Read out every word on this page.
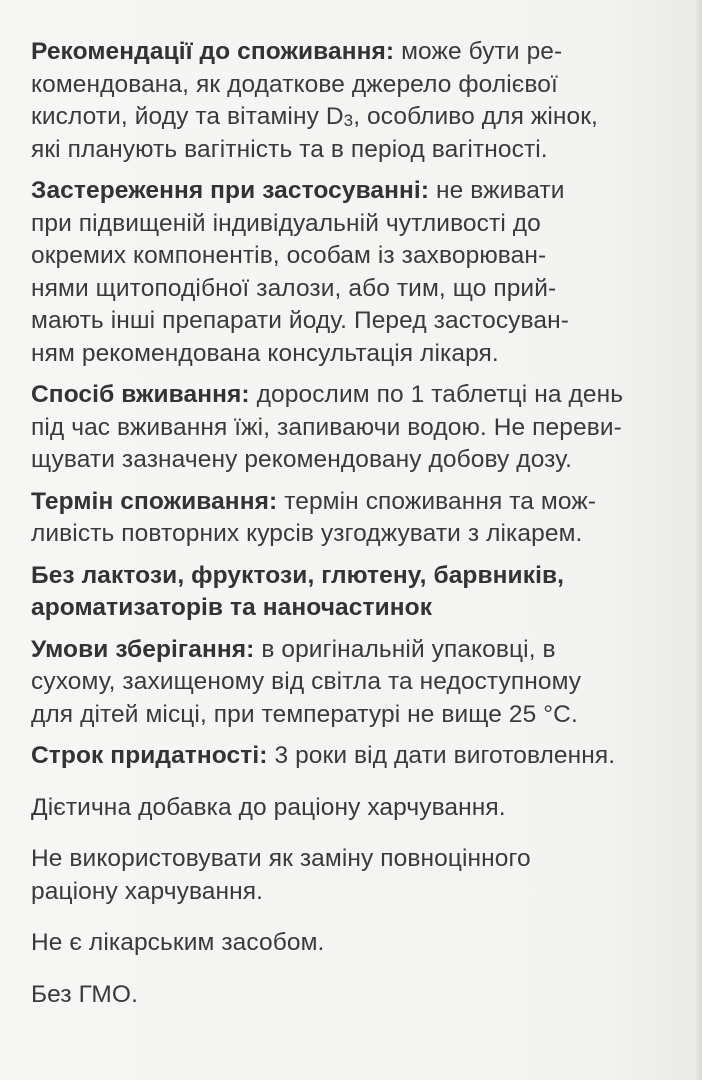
Рекомендації до споживання: може бути ре-
комендована, як додаткове джерело фолієвої
кислоти, йоду та вітаміну $D_3$, особливо для жінок,
які планують вагітність та в період вагітності.
Застереження при застосуванні: не вживати
при підвищеній індивідуальній чутливості до
окремих компонентів, особам із захворюван-
нями щитоподібної залози, або тим, що прий-
мають інші препарати йоду. Перед застосуван-
ням рекомендована консультація лікаря.
Спосіб вживання: дорослим по 1 таблетці на день
під час вживання їжі, запиваючи водою. Не переви-
щувати зазначену рекомендовану добову дозу.
Термін споживання: термін споживання та мож-
ливість повторних курсів узгоджувати з лікарем.
Без лактози, фруктози, глютену, барвників,
ароматизаторів та наночастинок
Умови зберігання: в оригінальній упаковці, в
сухому, захищеному від світла та недоступному
для дітей місці, при температурі не вище 25 °C.
Строк придатності: 3 роки від дати виготовлення.
Дієтична добавка до раціону харчування.
Не використовувати як заміну повноцінного
раціону харчування.
Не є лікарським засобом.
Без ГМО.
